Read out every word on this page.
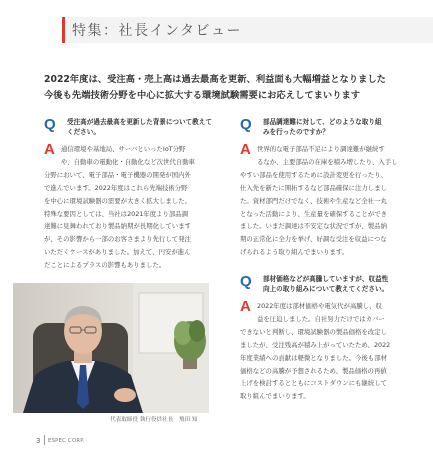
特集：社長インタビュー
2022年度は、受注高・売上高は過去最高を更新、利益面も大幅増益となりました
今後も先端技術分野を中心に拡大する環境試験需要にお応えしてまいります
Q 受注高が過去最高を更新した背景について教えてください。
A 通信環境や基地局、サーバといったIoT分野
や、自動車の電動化・自動化など次世代自動車
分野において、電子部品・電子機器の開発が国内外
で進んでいます。2022年度はこれら先端技術分野
を中心に環境試験器の需要が大きく拡大しました。
特殊な要因としては、当社は2021年度より部品調
達難に見舞われており製品納期が長期化しています
が、その影響から一部のお客さまより先行して発注
いただくケースがありました。加えて、円安が進ん
だことによるプラスの影響もありました。
Q 部品調達難に対して、どのような取り組
みを行ったのですか？
A 世界的な電子部品不足により調達難が継続す
るなか、主要部品の在庫を積み増したり、入手し
やすい部品を使用するために設計変更を行ったり、
仕入先を新たに開拓するなど部品確保に注力しまし
た。資材部門だけでなく、技術や生産など全社一丸
となった活動により、生産量を確保することができ
ました。いまだ調達は不安定な状況ですが、製品納
期の正常化に全力を挙げ、好調な受注を収益につな
げられるよう取り組んでまいります。
Q 部材価格などが高騰していますが、収益性
向上の取り組みについて教えてください。
A 2022年度は部材価格や電気代が高騰し、収
益を圧迫しました。自社努力だけではカバー
できないと判断し、環境試験器の製品価格を改定し
ましたが、受注残高が積み上がっていたため、2022
年度業績への貢献は軽微となりました。今後も部材
価格などの高騰が予想されるため、製品価格の再値
上げを検討するとともにコストダウンにも継続して
取り組んでまいります。
代表取締役 執行役員社長　飛田 知
3 ESPEC CORP.
